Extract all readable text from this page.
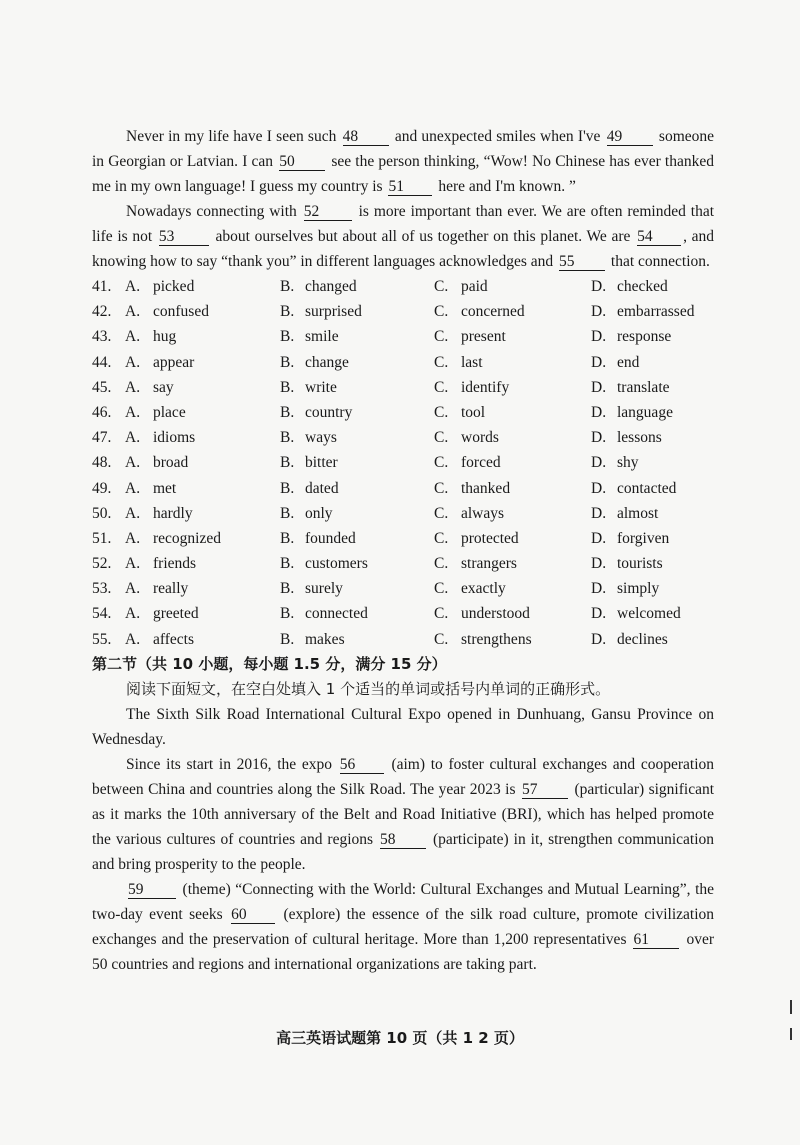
Never in my life have I seen such 48 and unexpected smiles when I've 49 someone in Georgian or Latvian. I can 50 see the person thinking, “Wow! No Chinese has ever thanked me in my own language! I guess my country is 51 here and I'm known. ”

Nowadays connecting with 52	is more important than ever. We are often reminded that life is not 53	about ourselves but about all of us together on this planet. We are 54 , and knowing how to say “thank you” in different languages acknowledges and 55 that connection.

41. A. picked	B. changed	C. paid	D. checked
42. A. confused	B. surprised	C. concerned	D. embarrassed
43. A. hug	B. smile	C. present	D. response
44. A. appear	B. change	C. last	D. end
45. A. say	B. write	C. identify	D. translate
46. A. place	B. country	C. tool	D. language
47. A. idioms	B. ways	C. words	D. lessons
48. A. broad	B. bitter	C. forced	D. shy
49. A. met	B. dated	C. thanked	D. contacted
50. A. hardly	B. only	C. always	D. almost
51. A. recognized	B. founded	C. protected	D. forgiven
52. A. friends	B. customers	C. strangers	D. tourists
53. A. really	B. surely	C. exactly	D. simply
54. A. greeted	B. connected	C. understood	D. welcomed
55. A. affects	B. makes	C. strengthens	D. declines

第二节（共 10 小题，每小题 1.5 分，满分 15 分）

阅读下面短文，在空白处填入 1 个适当的单词或括号内单词的正确形式。

The Sixth Silk Road International Cultural Expo opened in Dunhuang, Gansu Province on Wednesday.

Since its start in 2016, the expo 56 (aim) to foster cultural exchanges and cooperation between China and countries along the Silk Road. The year 2023 is 57 (particular) significant as it marks the 10th anniversary of the Belt and Road Initiative (BRI), which has helped promote the various cultures of countries and regions 58 (participate) in it, strengthen communication and bring prosperity to the people.

59	(theme) “Connecting with the World: Cultural Exchanges and Mutual Learning”, the two-day event seeks 60 (explore) the essence of the silk road culture, promote civilization exchanges and the preservation of cultural heritage. More than 1,200 representatives 61 over 50 countries and regions and international organizations are taking part.

高三英语试题第 10 页（共 1 2 页）
